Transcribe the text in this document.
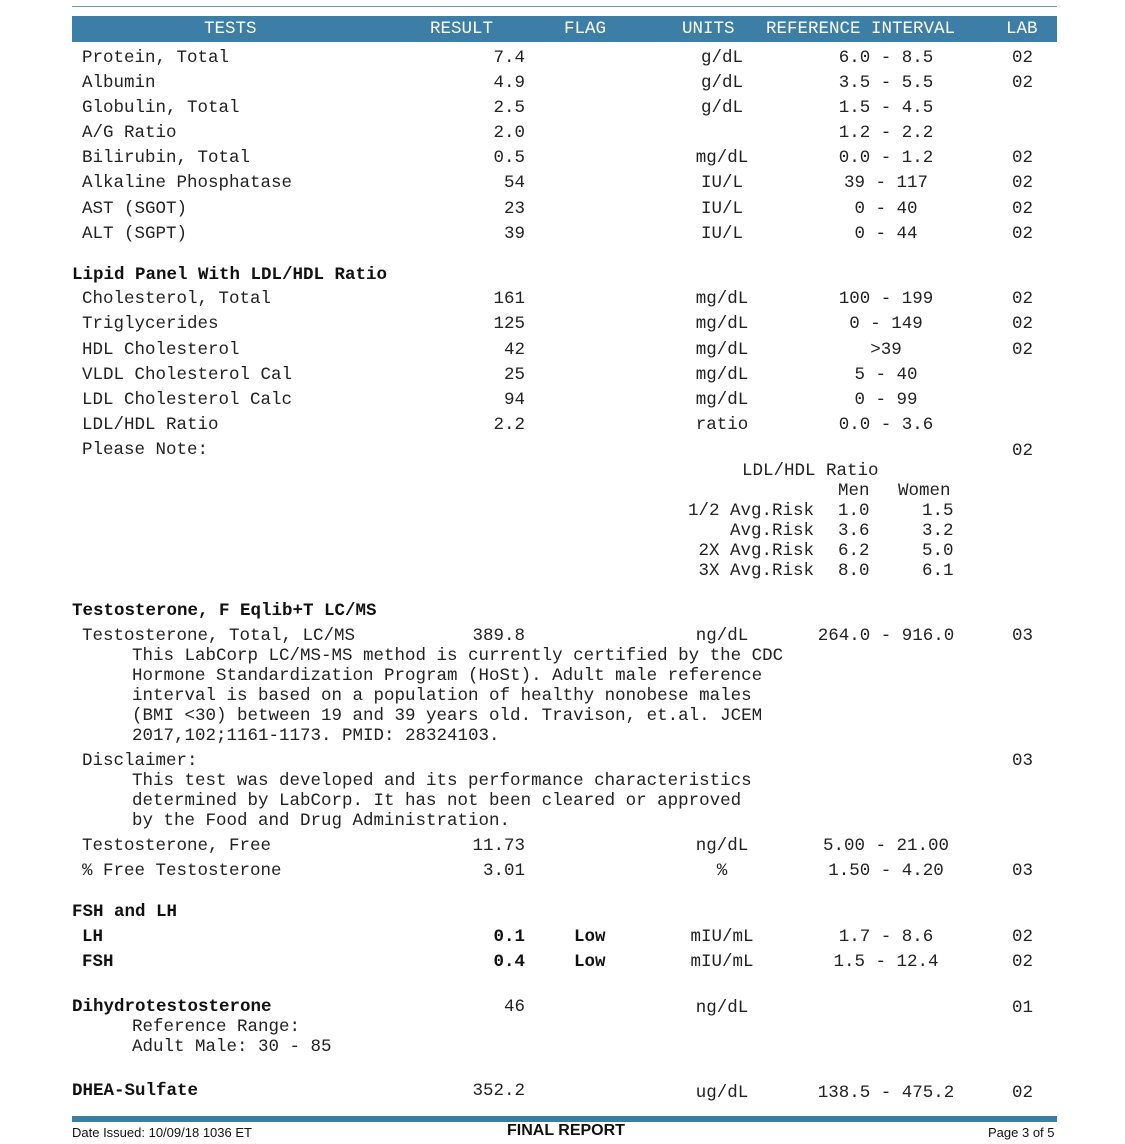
TESTS	RESULT	FLAG	UNITS REFERENCE INTERVAL	LAB
Protein, Total	7.4	g/dL	6.0 - 8.5	02
Albumin	4.9	g/dL	3.5 - 5.5	02
Globulin, Total	2.5	g/dL	1.5 - 4.5
A/G Ratio	2.0	1.2 - 2.2
Bilirubin, Total	0.5	mg/dL	0.0 - 1.2	02
Alkaline Phosphatase	54	IU/L	39 - 117	02
AST (SGOT)	23	IU/L	0 - 40	02
ALT (SGPT)	39	IU/L	0 - 44	02
Lipid Panel With LDL/HDL Ratio
Cholesterol, Total	161	mg/dL	100 - 199	02
Triglycerides	125	mg/dL	0 - 149	02
HDL Cholesterol	42	mg/dL	>39	02
VLDL Cholesterol Cal	25	mg/dL	5 - 40
LDL Cholesterol Calc	94	mg/dL	0 - 99
LDL/HDL Ratio	2.2	ratio	0.0 - 3.6
Please Note:	02
LDL/HDL Ratio
Men Women
1/2 Avg.Risk 1.0	1.5
Avg.Risk 3.6	3.2
2X Avg.Risk 6.2	5.0
3X Avg.Risk 8.0	6.1
Testosterone, F Eqlib+T LC/MS
Testosterone, Total, LC/MS	389.8	ng/dL	264.0 - 916.0	03
This LabCorp LC/MS-MS method is currently certified by the CDC
Hormone Standardization Program (HoSt). Adult male reference
interval is based on a population of healthy nonobese males
(BMI <30) between 19 and 39 years old. Travison, et.al. JCEM
2017,102;1161-1173. PMID: 28324103.
Disclaimer:	03
This test was developed and its performance characteristics
determined by LabCorp. It has not been cleared or approved
by the Food and Drug Administration.
Testosterone, Free	11.73	ng/dL	5.00 - 21.00
% Free Testosterone	3.01	%	1.50 - 4.20	03
FSH and LH
LH	0.1	Low	mIU/mL	1.7 - 8.6	02
FSH	0.4	Low	mIU/mL	1.5 - 12.4	02
Dihydrotestosterone	46	ng/dL	01
Reference Range:
Adult Male: 30 - 85
DHEA-Sulfate	352.2	ug/dL	138.5 - 475.2	02
Date Issued: 10/09/18 1036 ET	FINAL REPORT	Page 3 of 5
